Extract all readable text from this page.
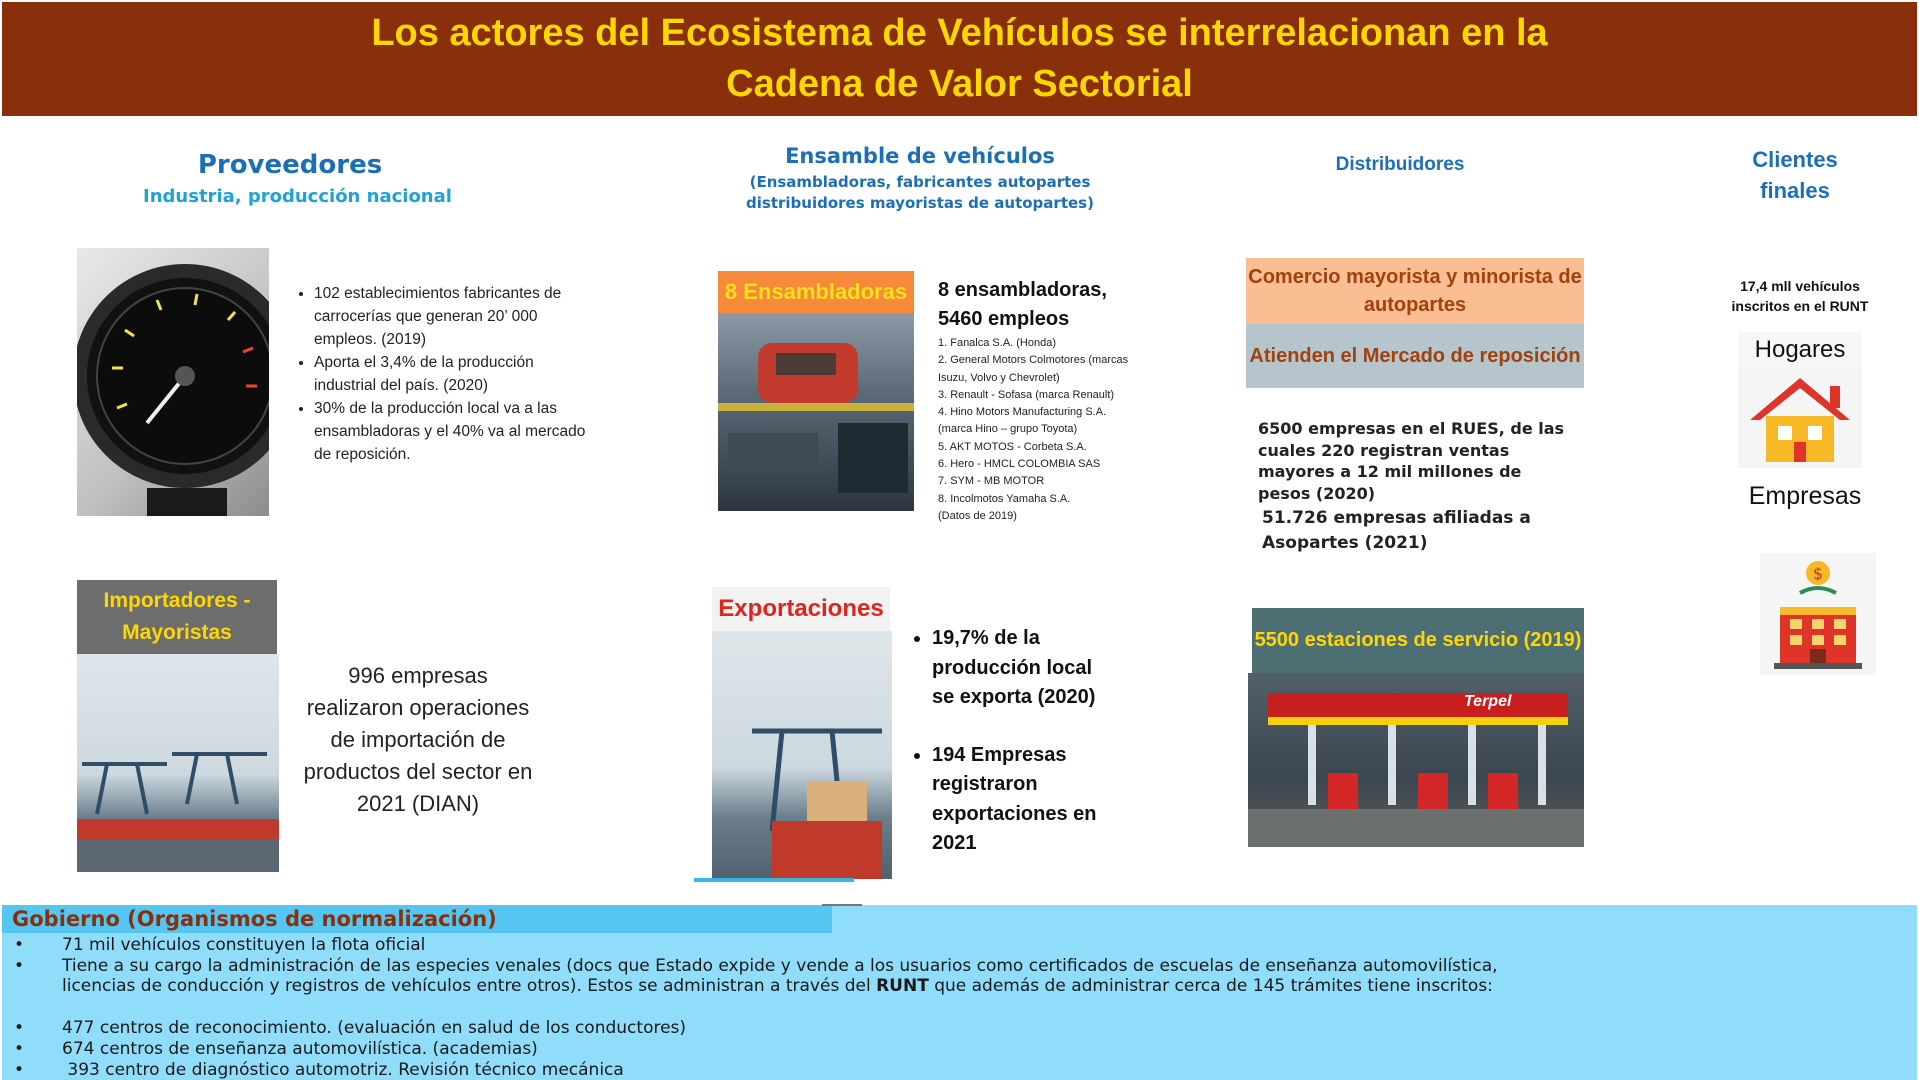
Los actores del Ecosistema de Vehículos se interrelacionan en la
Cadena de Valor Sectorial
Proveedores
Industria, producción nacional
• 102 establecimientos fabricantes de carrocerías que generan 20’ 000 empleos. (2019)
• Aporta el 3,4% de la producción industrial del país. (2020)
• 30% de la producción local va a las ensambladoras y el 40% va al mercado de reposición.
Importadores - Mayoristas
996 empresas realizaron operaciones de importación de productos del sector en 2021 (DIAN)
Ensamble de vehículos
(Ensambladoras, fabricantes autopartes
distribuidores mayoristas de autopartes)
8 Ensambladoras	8 ensambladoras,
5460 empleos
1. Fanalca S.A. (Honda)
2. General Motors Colmotores (marcas
Isuzu, Volvo y Chevrolet)
3. Renault - Sofasa (marca Renault)
4. Hino Motors Manufacturing S.A.
(marca Hino – grupo Toyota)
5. AKT MOTOS - Corbeta S.A.
6. Hero - HMCL COLOMBIA SAS
7. SYM - MB MOTOR
8. Incolmotos Yamaha S.A.
(Datos de 2019)
Exportaciones
• 19,7% de la producción local se exporta (2020)
• 194 Empresas registraron exportaciones en 2021
Distribuidores
Comercio mayorista y minorista de autopartes
Atienden el Mercado de reposición
6500 empresas en el RUES, de las cuales 220 registran ventas mayores a 12 mil millones de pesos (2020)
51.726 empresas afiliadas a Asopartes (2021)
5500 estaciones de servicio (2019)
Terpel
Clientes
finales
17,4 mll vehículos
inscritos en el RUNT
Hogares
Empresas
$
Gobierno (Organismos de normalización)
• 71 mil vehículos constituyen la flota oficial
• Tiene a su cargo la administración de las especies venales (docs que Estado expide y vende a los usuarios como certificados de escuelas de enseñanza automovilística,
licencias de conducción y registros de vehículos entre otros). Estos se administran a través del RUNT que además de administrar cerca de 145 trámites tiene inscritos:
• 477 centros de reconocimiento. (evaluación en salud de los conductores)
• 674 centros de enseñanza automovilística. (academias)
• 393 centro de diagnóstico automotriz. Revisión técnico mecánica
